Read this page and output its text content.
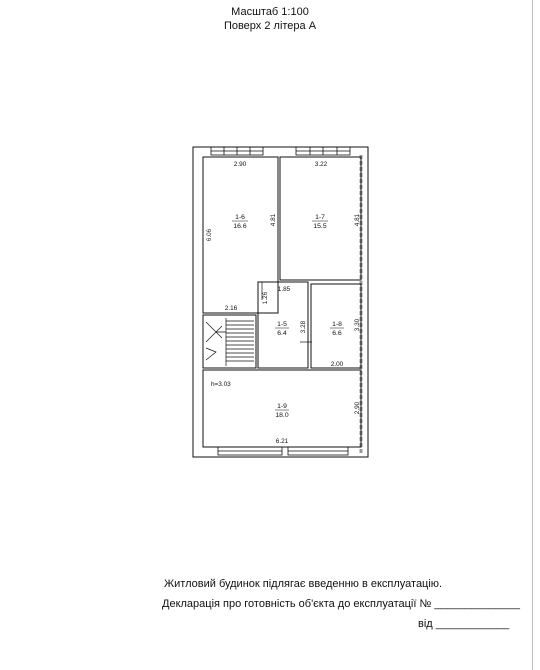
Масштаб 1:100
Поверх 2 літера А
1-6
16.6
1-7
15.5
1-5
6.4
1-8
6.6
1-9
18.0
2.90	3.22
6.06
4.81	4.81
2.16
1.26
1.85
3.28	3.30
2.00
h=3.03
2.90
6.21
Житловий будинок підлягає введенню в експлуатацію.
Декларація про готовність об'єкта до експлуатації № ______________
від ____________
